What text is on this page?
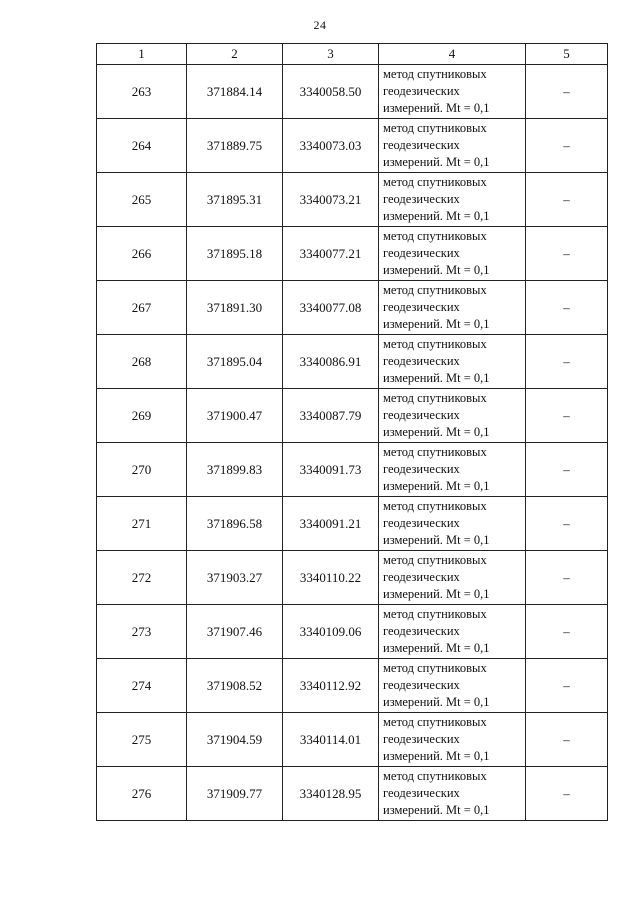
24
1	2	3	4	5
263	371884.14	3340058.50	метод спутниковых
геодезических
измерений. Mt = 0,1	–
264	371889.75	3340073.03	метод спутниковых
геодезических
измерений. Mt = 0,1	–
265	371895.31	3340073.21	метод спутниковых
геодезических
измерений. Mt = 0,1	–
266	371895.18	3340077.21	метод спутниковых
геодезических
измерений. Mt = 0,1	–
267	371891.30	3340077.08	метод спутниковых
геодезических
измерений. Mt = 0,1	–
268	371895.04	3340086.91	метод спутниковых
геодезических
измерений. Mt = 0,1	–
269	371900.47	3340087.79	метод спутниковых
геодезических
измерений. Mt = 0,1	–
270	371899.83	3340091.73	метод спутниковых
геодезических
измерений. Mt = 0,1	–
271	371896.58	3340091.21	метод спутниковых
геодезических
измерений. Mt = 0,1	–
272	371903.27	3340110.22	метод спутниковых
геодезических
измерений. Mt = 0,1	–
273	371907.46	3340109.06	метод спутниковых
геодезических
измерений. Mt = 0,1	–
274	371908.52	3340112.92	метод спутниковых
геодезических
измерений. Mt = 0,1	–
275	371904.59	3340114.01	метод спутниковых
геодезических
измерений. Mt = 0,1	–
276	371909.77	3340128.95	метод спутниковых
геодезических
измерений. Mt = 0,1	–
